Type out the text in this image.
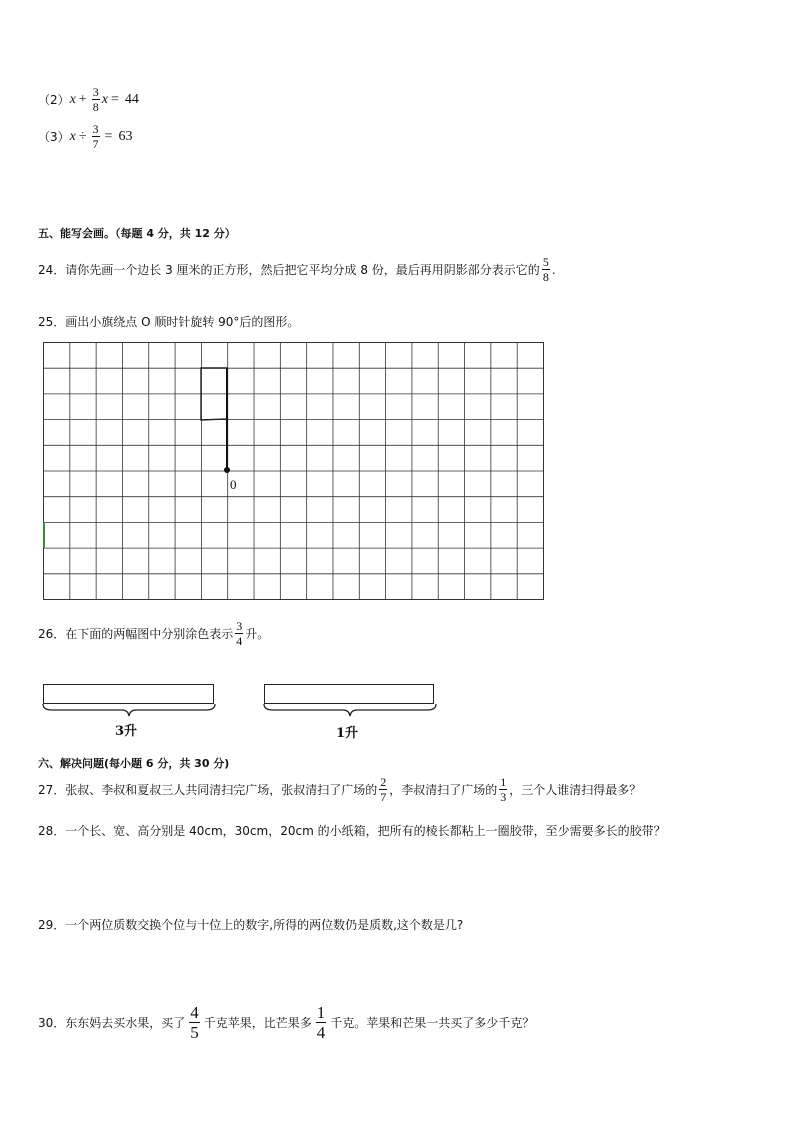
（2） $x + \frac{3}{8}$ x = 44
（3） $x \div \frac{3}{7} = 63$
五、能写会画。（每题 4 分，共 12 分）
24．请你先画一个边长 3 厘米的正方形，然后把它平均分成 8 份，最后再用阴影部分表示它的 $\frac{5}{8}$ .
25．画出小旗绕点 O 顺时针旋转 90°后的图形。
0
26．在下面的两幅图中分别涂色表示 $\frac{3}{4}$ 升。
3升	1升
六、解决问题(每小题 6 分，共 30 分)
27．张叔、李叔和夏叔三人共同清扫完广场，张叔清扫了广场的 $\frac{2}{7}$ ，李叔清扫了广场的 $\frac{1}{3}$ ，三个人谁清扫得最多？
28．一个长、宽、高分别是 40cm，30cm，20cm 的小纸箱，把所有的棱长都粘上一圈胶带，至少需要多长的胶带？
29．一个两位质数交换个位与十位上的数字,所得的两位数仍是质数,这个数是几?
30．东东妈去买水果，买了 $\frac{4}{5}$ 千克苹果，比芒果多 $\frac{1}{4}$ 千克。苹果和芒果一共买了多少千克？
